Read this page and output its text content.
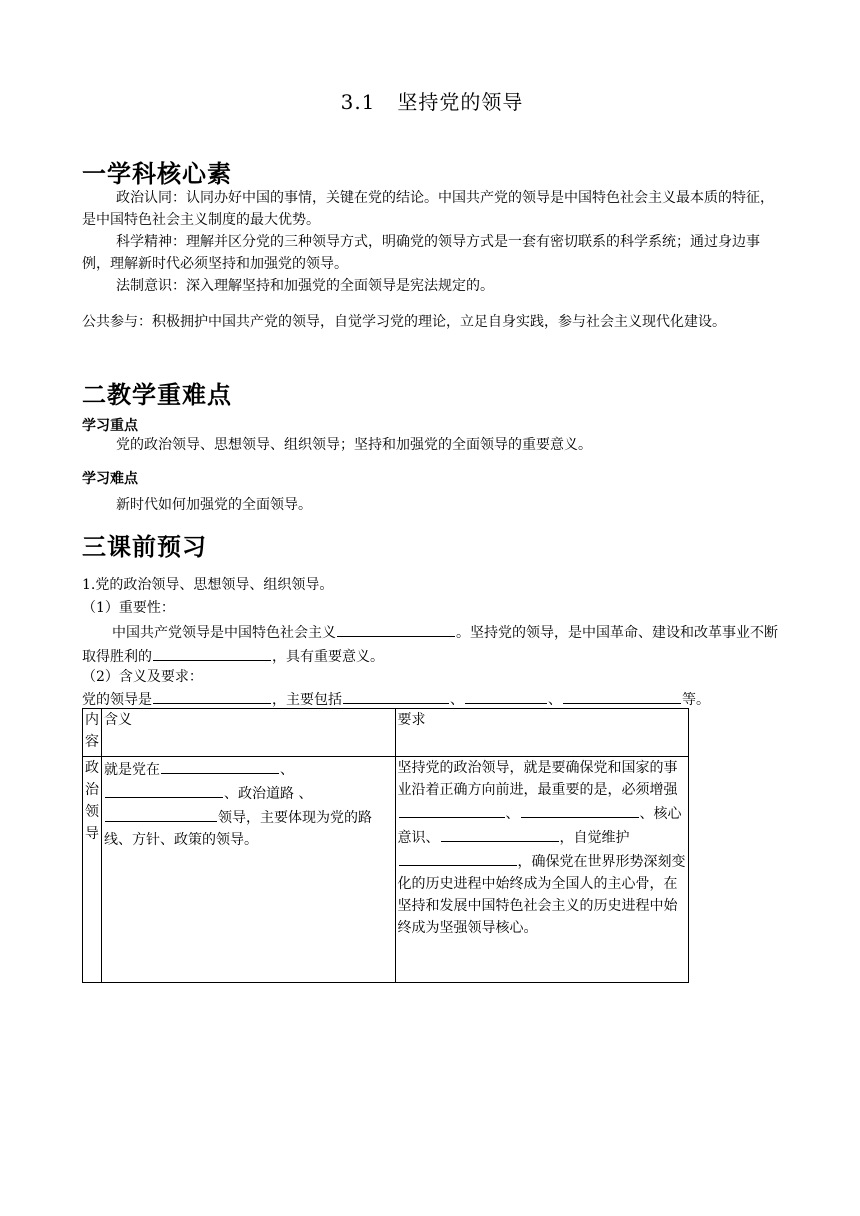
3.1 坚持党的领导
一学科核心素
政治认同：认同办好中国的事情，关键在党的结论。中国共产党的领导是中国特色社会主义最本质的特征，是中国特色社会主义制度的最大优势。
科学精神：理解并区分党的三种领导方式，明确党的领导方式是一套有密切联系的科学系统；通过身边事例，理解新时代必须坚持和加强党的领导。
法制意识：深入理解坚持和加强党的全面领导是宪法规定的。
公共参与：积极拥护中国共产党的领导，自觉学习党的理论，立足自身实践，参与社会主义现代化建设。
二教学重难点
学习重点
党的政治领导、思想领导、组织领导；坚持和加强党的全面领导的重要意义。
学习难点
新时代如何加强党的全面领导。
三课前预习
1.党的政治领导、思想领导、组织领导。
（1）重要性：
中国共产党领导是中国特色社会主义	。坚持党的领导，是中国革命、建设和改革事业不断取得胜利的	，具有重要意义。
（2）含义及要求：
党的领导是	，主要包括	、	、	等。
内容	含义	要求
政治领导	就是党在 、、政治道路 、领导，主要体现为党的路线、方针、政策的领导。	坚持党的政治领导，就是要确保党和国家的事业沿着正确方向前进，最重要的是，必须增强、 、核心意识、 ，自觉维护，确保党在世界形势深刻变化的历史进程中始终成为全国人的主心骨，在坚持和发展中国特色社会主义的历史进程中始终成为坚强领导核心。
